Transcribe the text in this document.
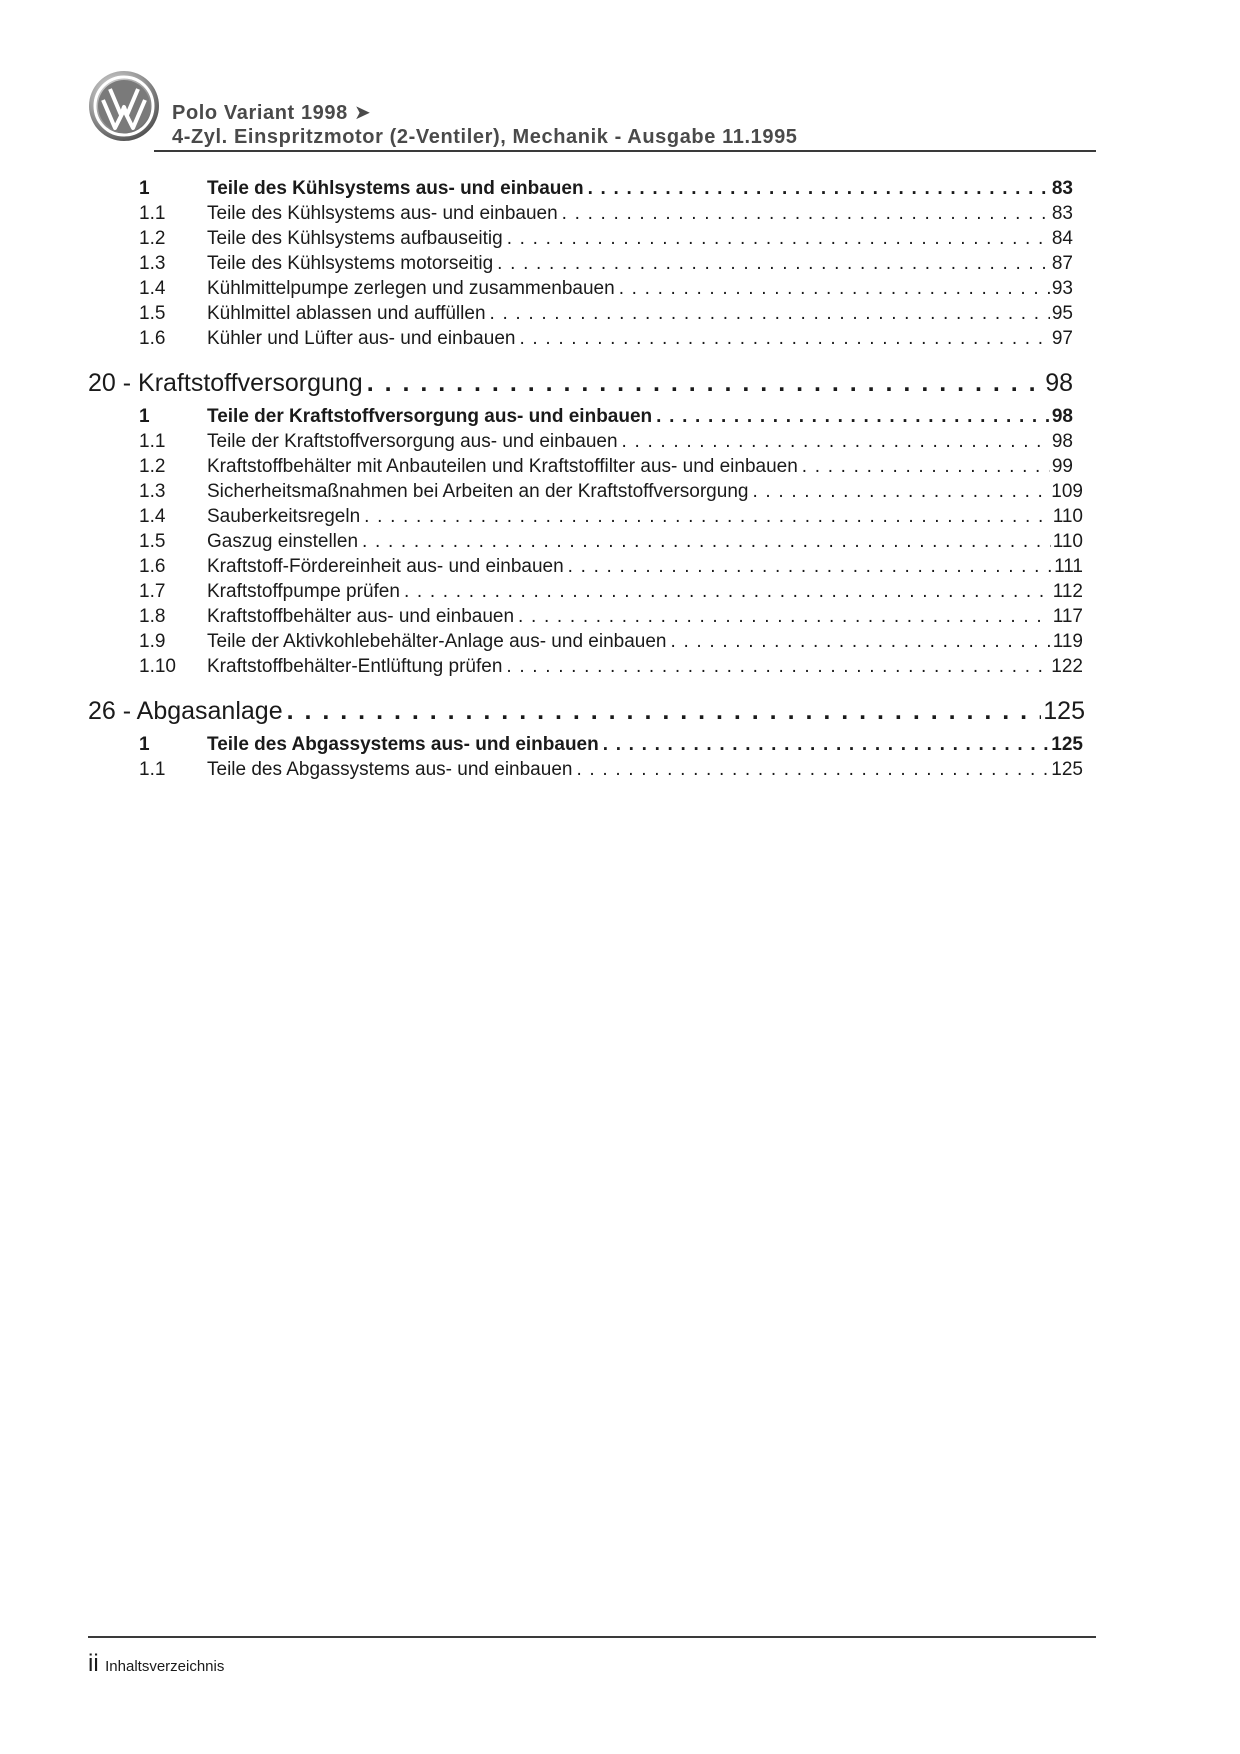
Polo Variant 1998 ➤
4-Zyl. Einspritzmotor (2-Ventiler), Mechanik - Ausgabe 11.1995
1	Teile des Kühlsystems aus- und einbauen . . .	83
1.1 Teile des Kühlsystems aus- und einbauen . . .	83
1.2 Teile des Kühlsystems aufbauseitig . . .	84
1.3 Teile des Kühlsystems motorseitig . . .	87
1.4 Kühlmittelpumpe zerlegen und zusammenbauen . . .	93
1.5 Kühlmittel ablassen und auffüllen . . .	95
1.6 Kühler und Lüfter aus- und einbauen . . .	97
20 - Kraftstoffversorgung . . .	98
1	Teile der Kraftstoffversorgung aus- und einbauen . . .	98
1.1 Teile der Kraftstoffversorgung aus- und einbauen . . .	98
1.2 Kraftstoffbehälter mit Anbauteilen und Kraftstoffilter aus- und einbauen . . .	99
1.3 Sicherheitsmaßnahmen bei Arbeiten an der Kraftstoffversorgung . . .	109
1.4 Sauberkeitsregeln . . .	110
1.5 Gaszug einstellen . . .	110
1.6 Kraftstoff-Fördereinheit aus- und einbauen . . .	111
1.7 Kraftstoffpumpe prüfen . . .	112
1.8 Kraftstoffbehälter aus- und einbauen . . .	117
1.9 Teile der Aktivkohlebehälter-Anlage aus- und einbauen . . .	119
1.10 Kraftstoffbehälter-Entlüftung prüfen . . .	122
26 - Abgasanlage . . .	125
1	Teile des Abgassystems aus- und einbauen . . .	125
1.1 Teile des Abgassystems aus- und einbauen . . .	125
ii Inhaltsverzeichnis
